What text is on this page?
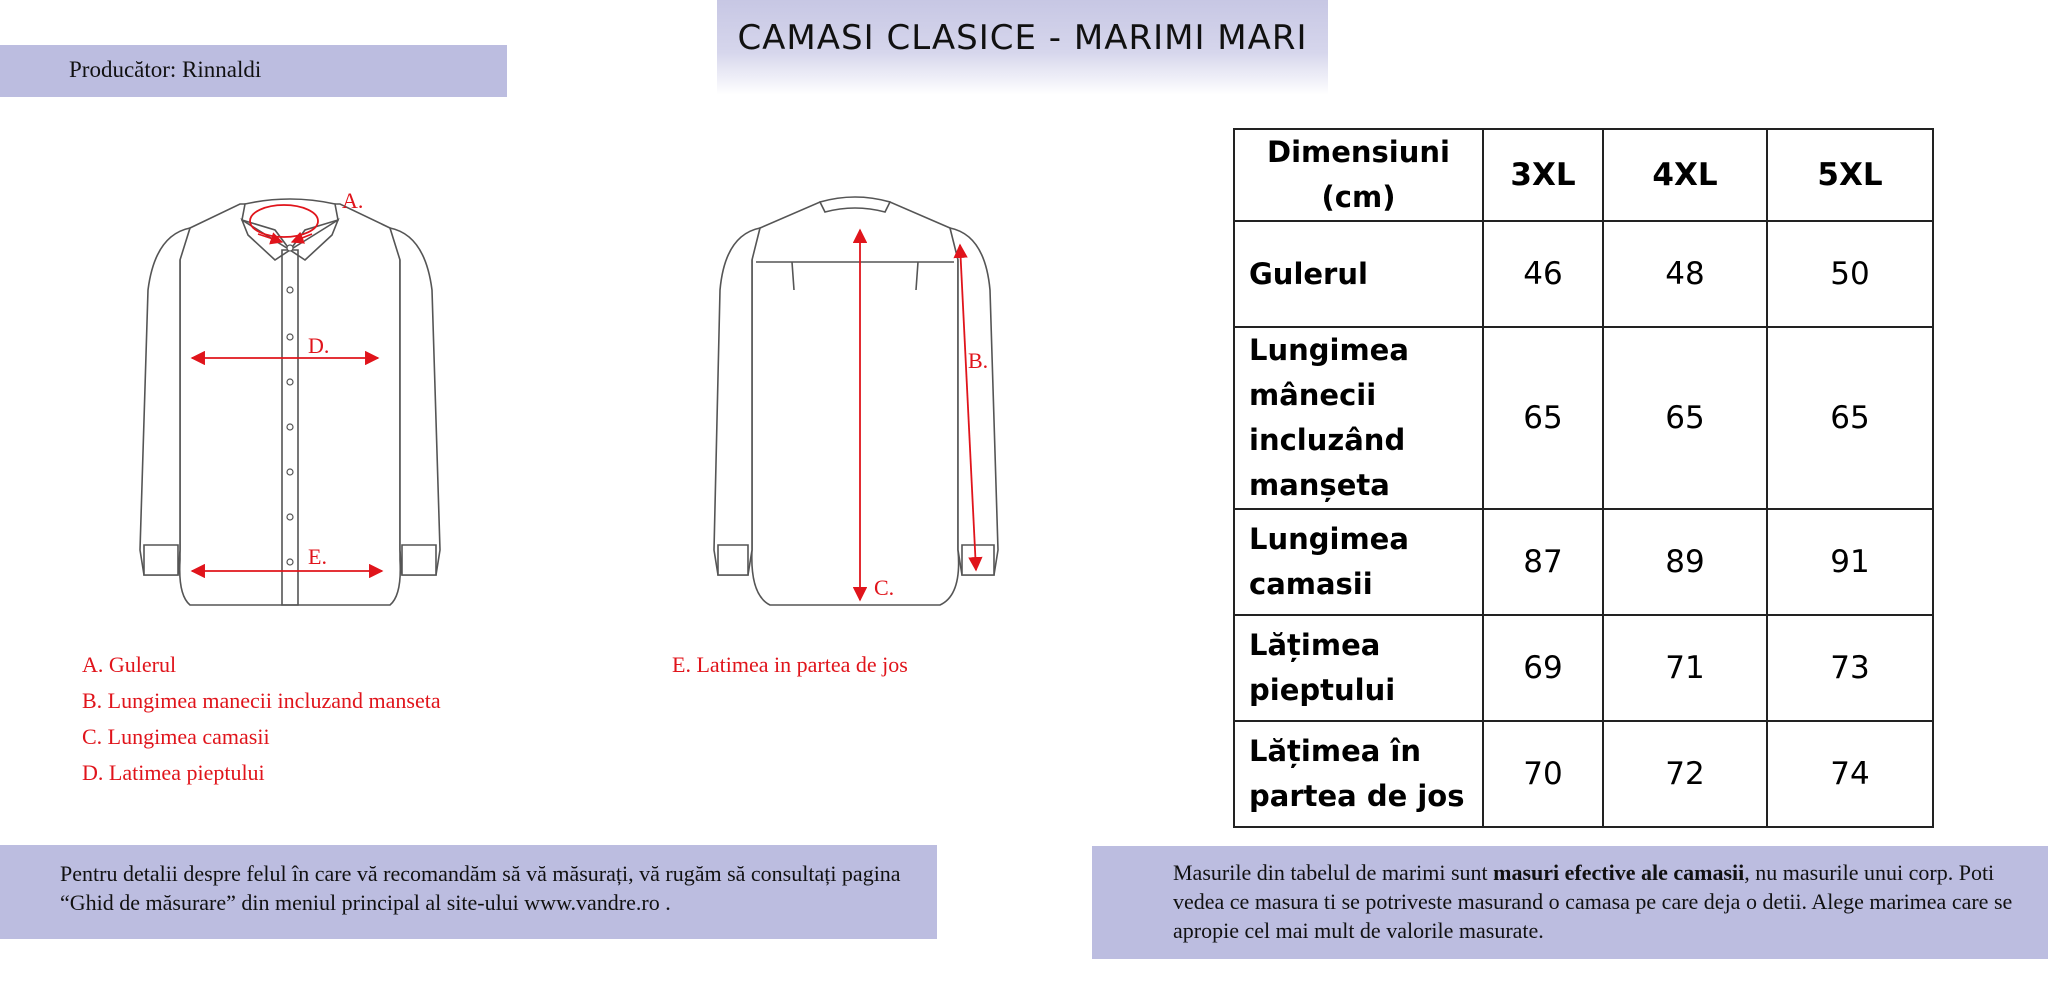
CAMASI CLASICE - MARIMI MARI
Producător: Rinnaldi
A.
D.
E.
B.
C.
A. Gulerul
B. Lungimea manecii incluzand manseta
C. Lungimea camasii
D. Latimea pieptului
E. Latimea in partea de jos
Dimensiuni (cm)	3XL	4XL	5XL
Gulerul	46	48	50
Lungimea mânecii incluzând manșeta	65	65	65
Lungimea camasii	87	89	91
Lățimea pieptului	69	71	73
Lățimea în partea de jos	70	72	74

Pentru detalii despre felul în care vă recomandăm să vă măsurați, vă rugăm să consultați pagina “Ghid de măsurare” din meniul principal al site-ului www.vandre.ro .

Masurile din tabelul de marimi sunt masuri efective ale camasii, nu masurile unui corp. Poti vedea ce masura ti se potriveste masurand o camasa pe care deja o detii. Alege marimea care se apropie cel mai mult de valorile masurate.
